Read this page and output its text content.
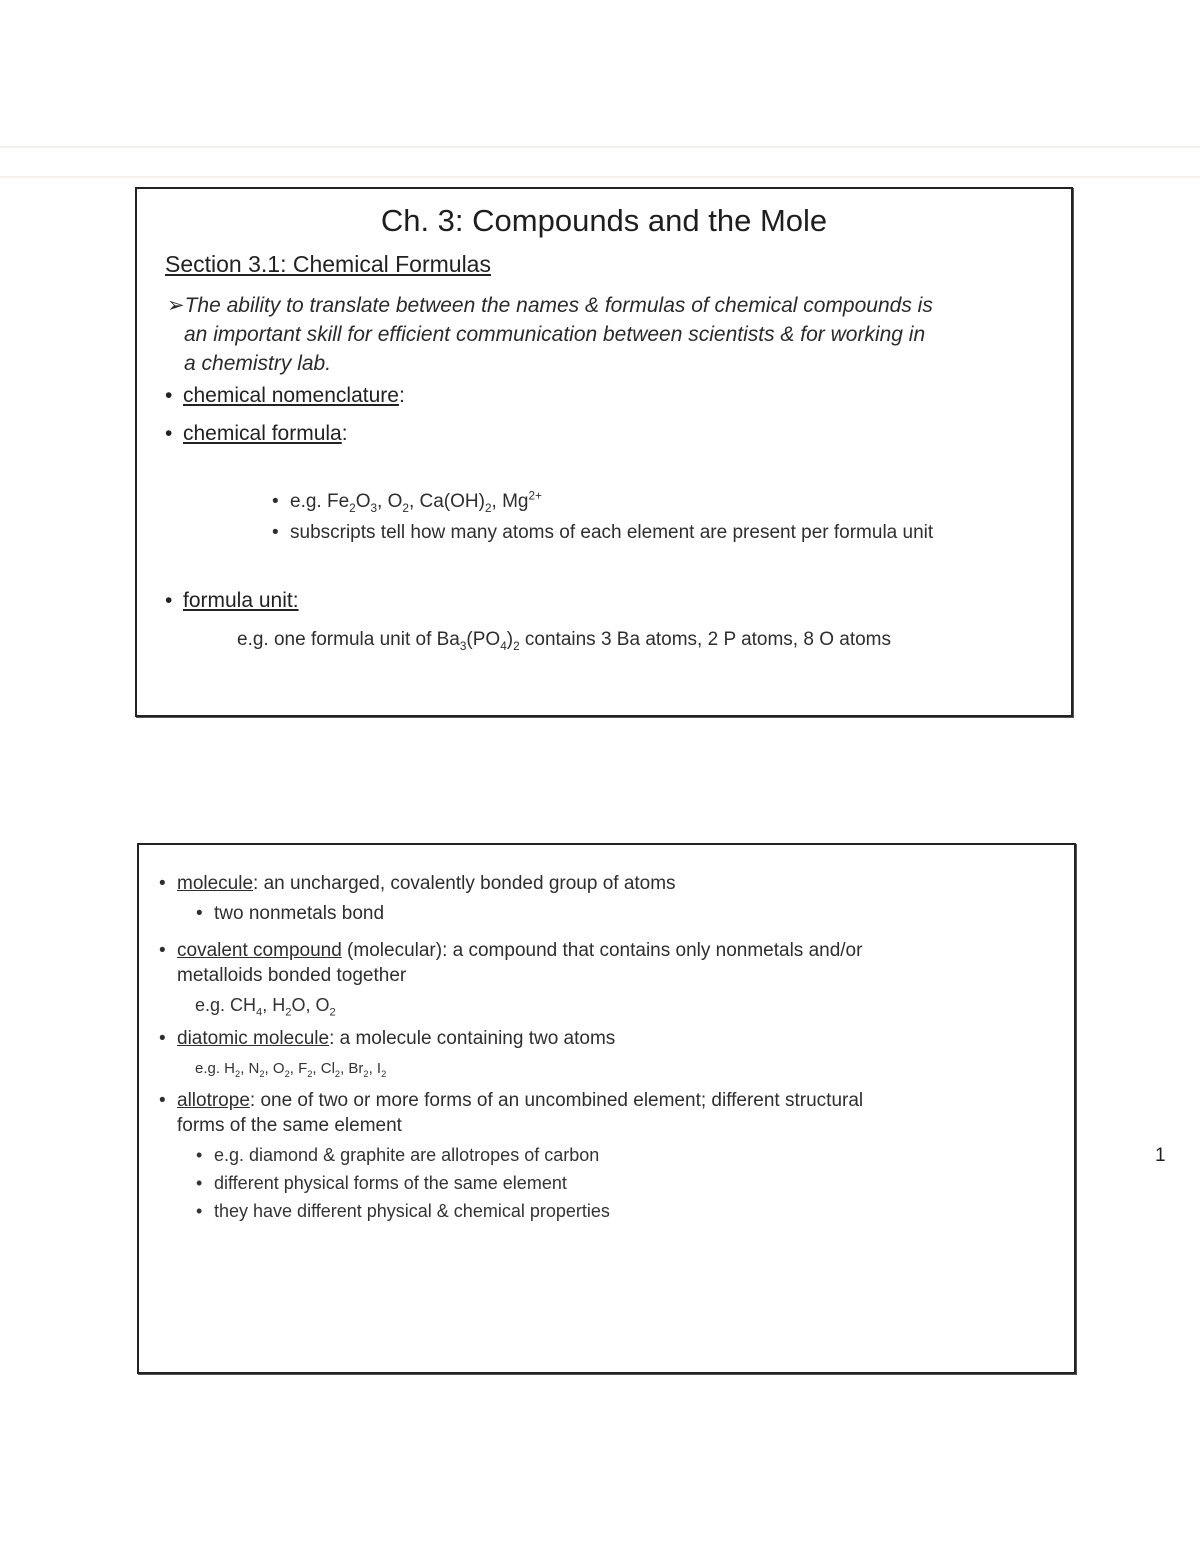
Ch. 3: Compounds and the Mole
Section 3.1: Chemical Formulas
➢The ability to translate between the names & formulas of chemical compounds is
an important skill for efficient communication between scientists & for working in
a chemistry lab.
• chemical nomenclature:
• chemical formula:
• e.g. $Fe_2O_3$, $O_2$, $Ca(OH)_2$, $Mg^{2+}$
• subscripts tell how many atoms of each element are present per formula unit
• formula unit:
e.g. one formula unit of $Ba_3(PO_4)_2$ contains 3 Ba atoms, 2 P atoms, 8 O atoms
• molecule: an uncharged, covalently bonded group of atoms
• two nonmetals bond
• covalent compound (molecular): a compound that contains only nonmetals and/or
metalloids bonded together
e.g. $CH_4$, $H_2O$, $O_2$
• diatomic molecule: a molecule containing two atoms
e.g. $H_2$, $N_2$, $O_2$, $F_2$, $Cl_2$, $Br_2$, $I_2$
• allotrope: one of two or more forms of an uncombined element; different structural
forms of the same element
• e.g. diamond & graphite are allotropes of carbon
• different physical forms of the same element
• they have different physical & chemical properties
1
